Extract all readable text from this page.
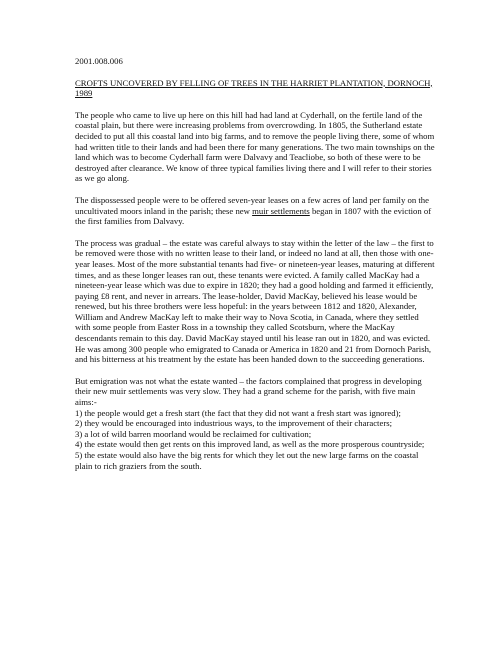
2001.008.006

CROFTS UNCOVERED BY FELLING OF TREES IN THE HARRIET PLANTATION, DORNOCH, 1989

The people who came to live up here on this hill had had land at Cyderhall, on the fertile land of the coastal plain, but there were increasing problems from overcrowding. In 1805, the Sutherland estate decided to put all this coastal land into big farms, and to remove the people living there, some of whom had written title to their lands and had been there for many generations. The two main townships on the land which was to become Cyderhall farm were Dalvavy and Teacliobe, so both of these were to be destroyed after clearance. We know of three typical families living there and I will refer to their stories as we go along.

The dispossessed people were to be offered seven-year leases on a few acres of land per family on the uncultivated moors inland in the parish; these new muir settlements began in 1807 with the eviction of the first families from Dalvavy.

The process was gradual – the estate was careful always to stay within the letter of the law – the first to be removed were those with no written lease to their land, or indeed no land at all, then those with one-year leases. Most of the more substantial tenants had five- or nineteen-year leases, maturing at different times, and as these longer leases ran out, these tenants were evicted. A family called MacKay had a nineteen-year lease which was due to expire in 1820; they had a good holding and farmed it efficiently, paying £8 rent, and never in arrears. The lease-holder, David MacKay, believed his lease would be renewed, but his three brothers were less hopeful: in the years between 1812 and 1820, Alexander, William and Andrew MacKay left to make their way to Nova Scotia, in Canada, where they settled with some people from Easter Ross in a township they called Scotsburn, where the MacKay descendants remain to this day. David MacKay stayed until his lease ran out in 1820, and was evicted. He was among 300 people who emigrated to Canada or America in 1820 and 21 from Dornoch Parish, and his bitterness at his treatment by the estate has been handed down to the succeeding generations.

But emigration was not what the estate wanted – the factors complained that progress in developing their new muir settlements was very slow. They had a grand scheme for the parish, with five main aims:-
1) the people would get a fresh start (the fact that they did not want a fresh start was ignored);
2) they would be encouraged into industrious ways, to the improvement of their characters;
3) a lot of wild barren moorland would be reclaimed for cultivation;
4) the estate would then get rents on this improved land, as well as the more prosperous countryside;
5) the estate would also have the big rents for which they let out the new large farms on the coastal plain to rich graziers from the south.
